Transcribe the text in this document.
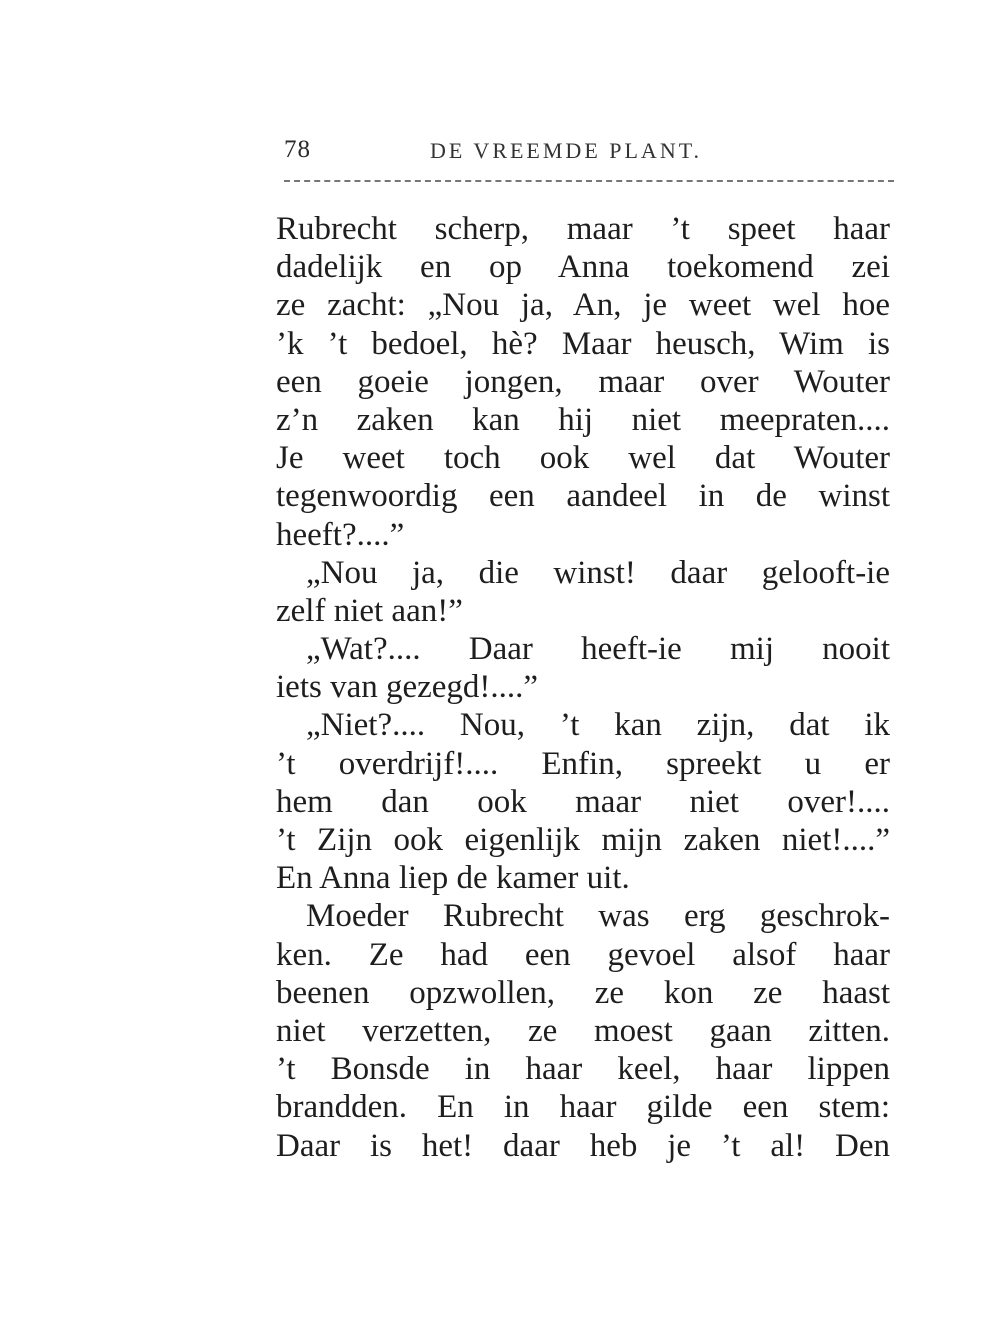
78	DE VREEMDE PLANT.
Rubrecht scherp, maar ’t speet haar
dadelijk en op Anna toekomend zei
ze zacht: „Nou ja, An, je weet wel hoe
’k ’t bedoel, hè? Maar heusch, Wim is
een goeie jongen, maar over Wouter
z’n zaken kan hij niet meepraten....
Je weet toch ook wel dat Wouter
tegenwoordig een aandeel in de winst
heeft?....”
„Nou ja, die winst! daar gelooft-ie
zelf niet aan!”
„Wat?.... Daar heeft-ie mij nooit
iets van gezegd!....”
„Niet?.... Nou, ’t kan zijn, dat ik
’t overdrijf!.... Enfin, spreekt u er
hem dan ook maar niet over!....
’t Zijn ook eigenlijk mijn zaken niet!....”
En Anna liep de kamer uit.
Moeder Rubrecht was erg geschrok-
ken. Ze had een gevoel alsof haar
beenen opzwollen, ze kon ze haast
niet verzetten, ze moest gaan zitten.
’t Bonsde in haar keel, haar lippen
brandden. En in haar gilde een stem:
Daar is het! daar heb je ’t al! Den
